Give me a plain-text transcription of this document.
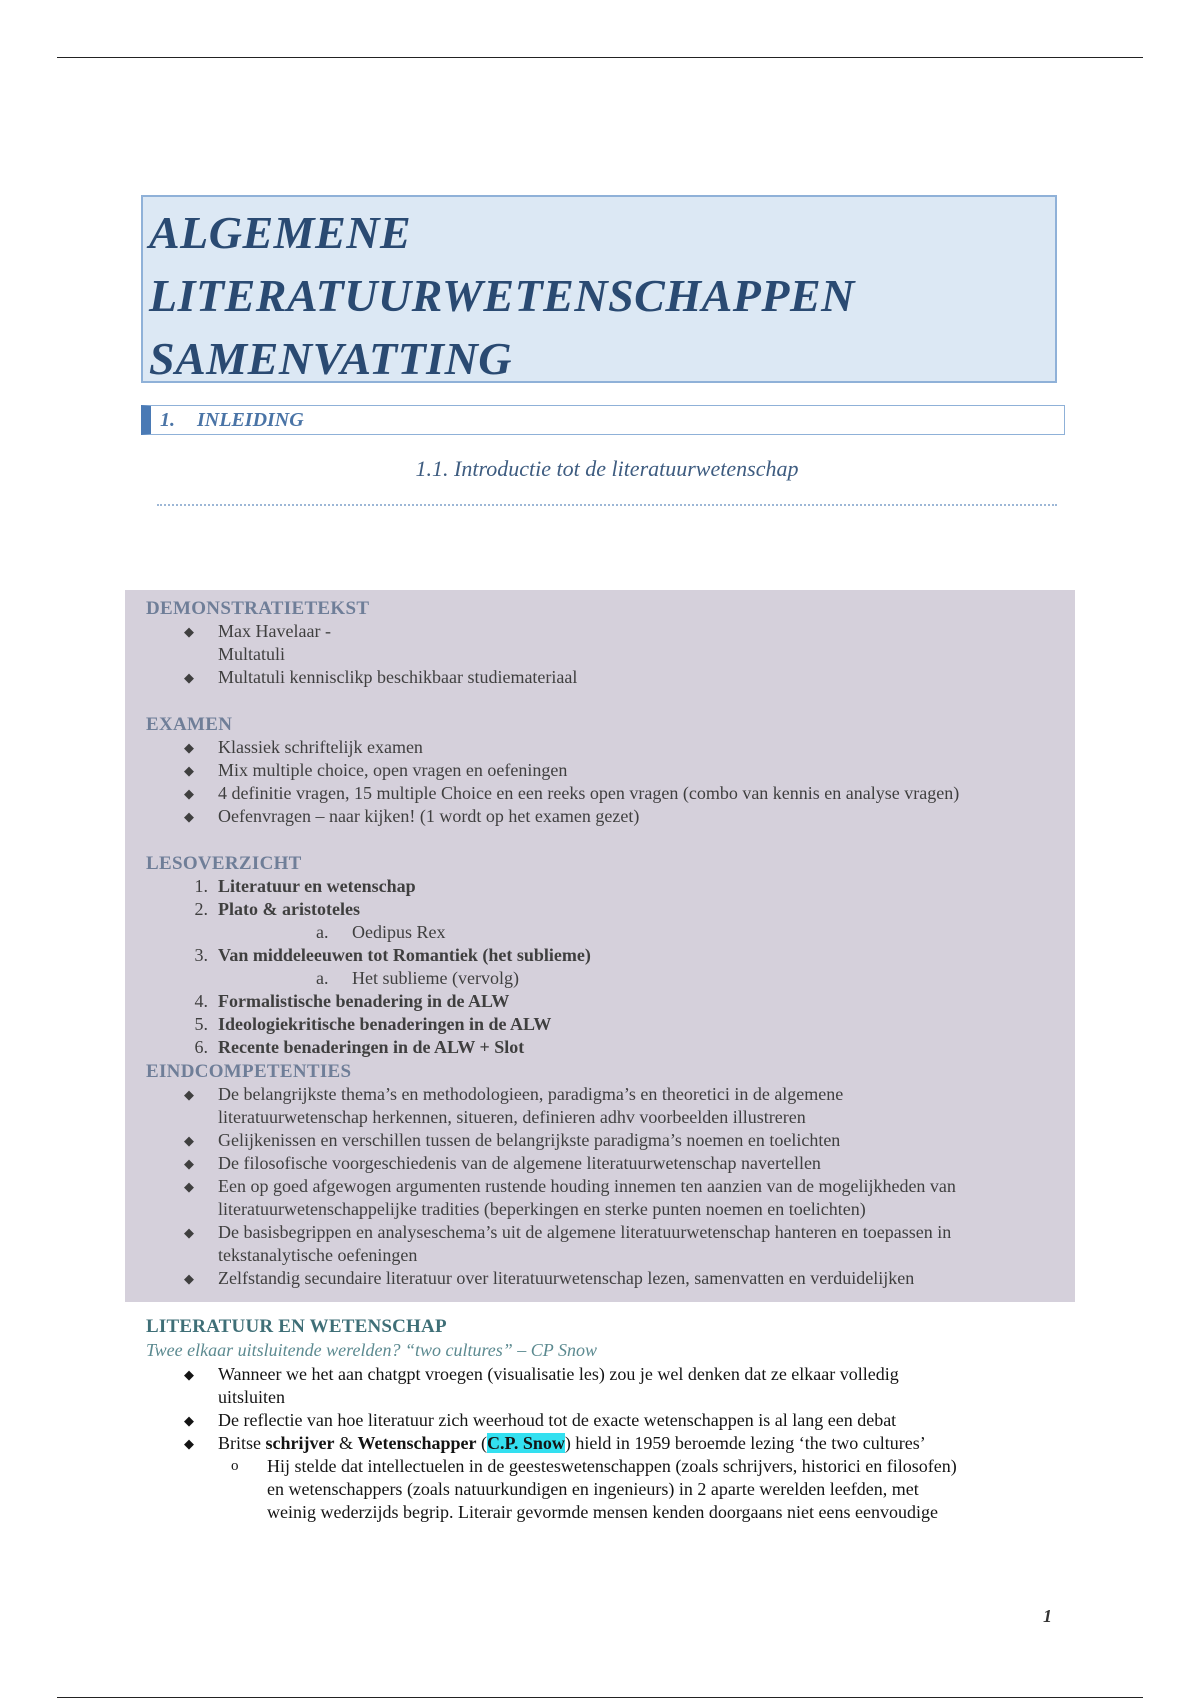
ALGEMENE
LITERATUURWETENSCHAPPEN
SAMENVATTING
1. INLEIDING
1.1. Introductie tot de literatuurwetenschap
DEMONSTRATIETEKST
◆ Max Havelaar -
Multatuli
◆ Multatuli kennisclikp beschikbaar studiemateriaal
EXAMEN
◆ Klassiek schriftelijk examen
◆ Mix multiple choice, open vragen en oefeningen
◆ 4 definitie vragen, 15 multiple Choice en een reeks open vragen (combo van kennis en analyse vragen)
◆ Oefenvragen – naar kijken! (1 wordt op het examen gezet)
LESOVERZICHT
1. Literatuur en wetenschap
2. Plato & aristoteles
a. Oedipus Rex
3. Van middeleeuwen tot Romantiek (het sublieme)
a. Het sublieme (vervolg)
4. Formalistische benadering in de ALW
5. Ideologiekritische benaderingen in de ALW
6. Recente benaderingen in de ALW + Slot
EINDCOMPETENTIES
◆ De belangrijkste thema’s en methodologieen, paradigma’s en theoretici in de algemene
literatuurwetenschap herkennen, situeren, definieren adhv voorbeelden illustreren
◆ Gelijkenissen en verschillen tussen de belangrijkste paradigma’s noemen en toelichten
◆ De filosofische voorgeschiedenis van de algemene literatuurwetenschap navertellen
◆ Een op goed afgewogen argumenten rustende houding innemen ten aanzien van de mogelijkheden van
literatuurwetenschappelijke tradities (beperkingen en sterke punten noemen en toelichten)
◆ De basisbegrippen en analyseschema’s uit de algemene literatuurwetenschap hanteren en toepassen in
tekstanalytische oefeningen
◆ Zelfstandig secundaire literatuur over literatuurwetenschap lezen, samenvatten en verduidelijken
LITERATUUR EN WETENSCHAP
Twee elkaar uitsluitende werelden? “two cultures” – CP Snow
◆ Wanneer we het aan chatgpt vroegen (visualisatie les) zou je wel denken dat ze elkaar volledig
uitsluiten
◆ De reflectie van hoe literatuur zich weerhoud tot de exacte wetenschappen is al lang een debat
◆ Britse schrijver & Wetenschapper (C.P. Snow) hield in 1959 beroemde lezing ‘the two cultures’
o Hij stelde dat intellectuelen in de geesteswetenschappen (zoals schrijvers, historici en filosofen)
en wetenschappers (zoals natuurkundigen en ingenieurs) in 2 aparte werelden leefden, met
weinig wederzijds begrip. Literair gevormde mensen kenden doorgaans niet eens eenvoudige
1
